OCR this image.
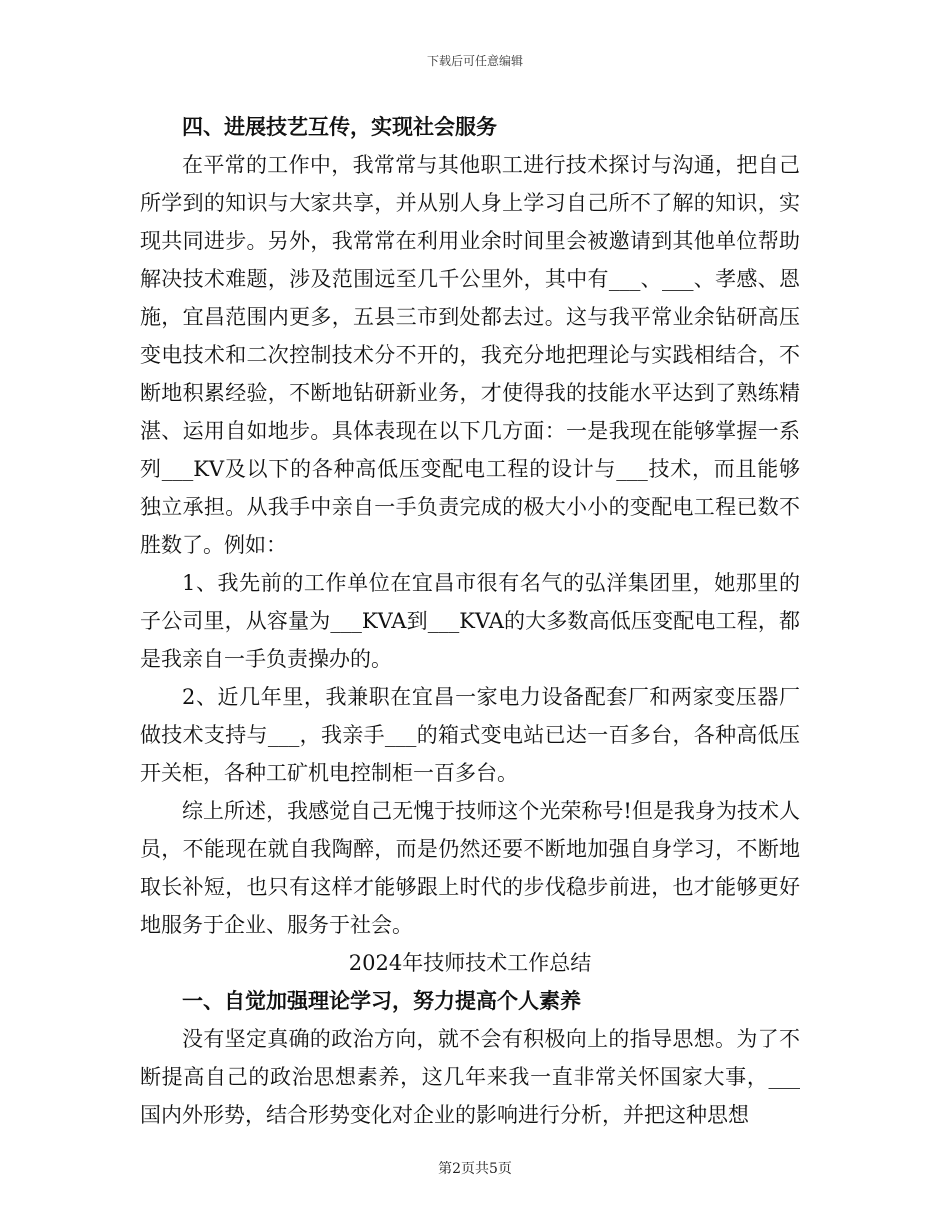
下载后可任意编辑
四、进展技艺互传，实现社会服务

在平常的工作中，我常常与其他职工进行技术探讨与沟通，把自己所学到的知识与大家共享，并从别人身上学习自己所不了解的知识，实现共同进步。另外，我常常在利用业余时间里会被邀请到其他单位帮助解决技术难题，涉及范围远至几千公里外，其中有___、___、孝感、恩施，宜昌范围内更多，五县三市到处都去过。这与我平常业余钻研高压变电技术和二次控制技术分不开的，我充分地把理论与实践相结合，不断地积累经验，不断地钻研新业务，才使得我的技能水平达到了熟练精湛、运用自如地步。具体表现在以下几方面：一是我现在能够掌握一系列___KV及以下的各种高低压变配电工程的设计与___技术，而且能够独立承担。从我手中亲自一手负责完成的极大小小的变配电工程已数不胜数了。例如：

1、我先前的工作单位在宜昌市很有名气的弘洋集团里，她那里的子公司里，从容量为___KVA到___KVA的大多数高低压变配电工程，都是我亲自一手负责操办的。

2、近几年里，我兼职在宜昌一家电力设备配套厂和两家变压器厂做技术支持与___，我亲手___的箱式变电站已达一百多台，各种高低压开关柜，各种工矿机电控制柜一百多台。

综上所述，我感觉自己无愧于技师这个光荣称号!但是我身为技术人员，不能现在就自我陶醉，而是仍然还要不断地加强自身学习，不断地取长补短，也只有这样才能够跟上时代的步伐稳步前进，也才能够更好地服务于企业、服务于社会。

2024年技师技术工作总结

一、自觉加强理论学习，努力提高个人素养

没有坚定真确的政治方向，就不会有积极向上的指导思想。为了不断提高自己的政治思想素养，这几年来我一直非常关怀国家大事，___国内外形势，结合形势变化对企业的影响进行分析，并把这种思想

第2页共5页
